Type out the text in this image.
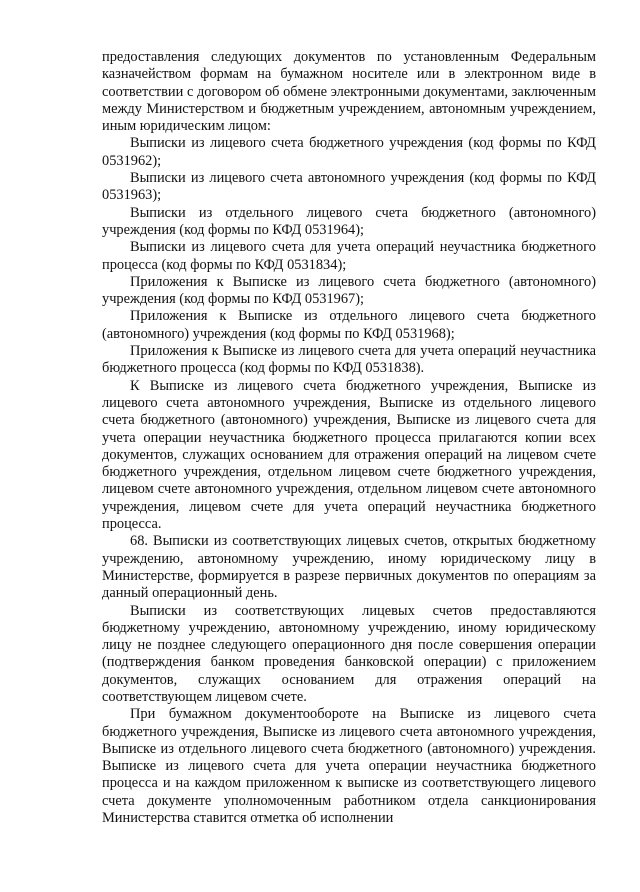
предоставления следующих документов по установленным Федеральным казначейством формам на бумажном носителе или в электронном виде в соответствии с договором об обмене электронными документами, заключенным между Министерством и бюджетным учреждением, автономным учреждением, иным юридическим лицом:

Выписки из лицевого счета бюджетного учреждения (код формы по КФД 0531962);

Выписки из лицевого счета автономного учреждения (код формы по КФД 0531963);

Выписки из отдельного лицевого счета бюджетного (автономного) учреждения (код формы по КФД 0531964);

Выписки из лицевого счета для учета операций неучастника бюджетного процесса (код формы по КФД 0531834);

Приложения к Выписке из лицевого счета бюджетного (автономного) учреждения (код формы по КФД 0531967);

Приложения к Выписке из отдельного лицевого счета бюджетного (автономного) учреждения (код формы по КФД 0531968);

Приложения к Выписке из лицевого счета для учета операций неучастника бюджетного процесса (код формы по КФД 0531838).

К Выписке из лицевого счета бюджетного учреждения, Выписке из лицевого счета автономного учреждения, Выписке из отдельного лицевого счета бюджетного (автономного) учреждения, Выписке из лицевого счета для учета операции неучастника бюджетного процесса прилагаются копии всех документов, служащих основанием для отражения операций на лицевом счете бюджетного учреждения, отдельном лицевом счете бюджетного учреждения, лицевом счете автономного учреждения, отдельном лицевом счете автономного учреждения, лицевом счете для учета операций неучастника бюджетного процесса.

68. Выписки из соответствующих лицевых счетов, открытых бюджетному учреждению, автономному учреждению, иному юридическому лицу в Министерстве, формируется в разрезе первичных документов по операциям за данный операционный день.

Выписки из соответствующих лицевых счетов предоставляются бюджетному учреждению, автономному учреждению, иному юридическому лицу не позднее следующего операционного дня после совершения операции (подтверждения банком проведения банковской операции) с приложением документов, служащих основанием для отражения операций на соответствующем лицевом счете.

При бумажном документообороте на Выписке из лицевого счета бюджетного учреждения, Выписке из лицевого счета автономного учреждения, Выписке из отдельного лицевого счета бюджетного (автономного) учреждения. Выписке из лицевого счета для учета операции неучастника бюджетного процесса и на каждом приложенном к выписке из соответствующего лицевого счета документе уполномоченным работником отдела санкционирования Министерства ставится отметка об исполнении
